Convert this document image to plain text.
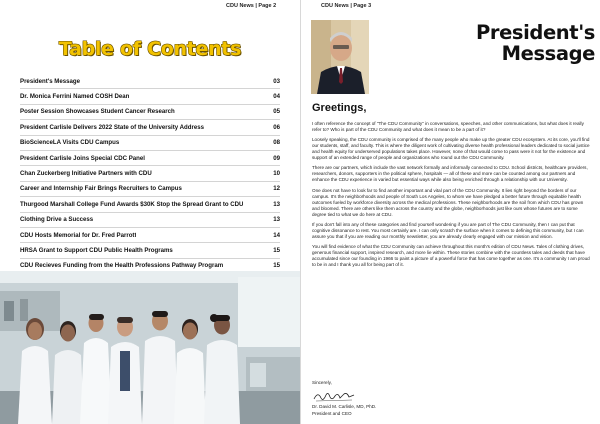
CDU News | Page 2
Table of Contents
President's Message	03
Dr. Monica Ferrini Named COSH Dean	04
Poster Session Showcases Student Cancer Research	05
President Carlisle Delivers 2022 State of the University Address	06
BioScienceLA Visits CDU Campus	08
President Carlisle Joins Special CDC Panel	09
Chan Zuckerberg Initiative Partners with CDU	10
Career and Internship Fair Brings Recruiters to Campus	12
Thurgood Marshall College Fund Awards $30K Stop the Spread Grant to CDU	13
Clothing Drive a Success	13
CDU Hosts Memorial for Dr. Fred Parrott	14
HRSA Grant to Support CDU Public Health Programs	15
CDU Recieves Funding from the Health Professions Pathway Program	15
CDU News | Page 3
President's
Message
Greetings,

I often reference the concept of "The CDU Community" in conversations, speeches, and other communications, but what does it really refer to? Who is part of the CDU Community and what does it mean to be a part of it?

Loosely speaking, the CDU community is comprised of the many people who make up the greater CDU ecosystem. At its core, you'll find our students, staff, and faculty. This is where the diligent work of cultivating diverse health professional leaders dedicated to social justice and health equity for underserved populations takes place. However, none of that would come to pass were it not for the existence and support of an extended range of people and organizations who round out the CDU Community.

There are our partners, which include the vast network formally and informally connected to CDU. School districts, healthcare providers, researchers, donors, supporters in the political sphere, hospitals — all of these and more can be counted among our partners and enhance the CDU experience in varied but essential ways while also being enriched through a relationship with our University.

One does not have to look far to find another important and vital part of the CDU Community. It lies right beyond the borders of our campus. It's the neighborhoods and people of South Los Angeles, to whom we have pledged a better future through equitable health outcomes fueled by workforce diversity across the medical professions. These neighborhoods are the soil from which CDU has grown and bloomed. There are others like them across the country and the globe, neighborhoods just like ours whose futures are to some degree tied to what we do here at CDU.

If you don't fall into any of these categories and find yourself wondering if you are part of The CDU Community, then I can put that cognitive dissonance to rest. You most certainly are. I can only scratch the surface when it comes to defining this community, but I can assure you that if you are reading our monthly newsletter, you are already clearly engaged with our mission and vision.

You will find evidence of what the CDU Community can achieve throughout this month's edition of CDU News. Tales of clothing drives, generous financial support, inspired research, and more lie within. These stories combine with the countless tales and deeds that have accumulated since our founding in 1966 to paint a picture of a powerful force that has come together as one. It's a community I am proud to be in and I thank you all for being part of it.

Sincerely,
Dr. David M. Carlisle, MD, PhD.
President and CEO
